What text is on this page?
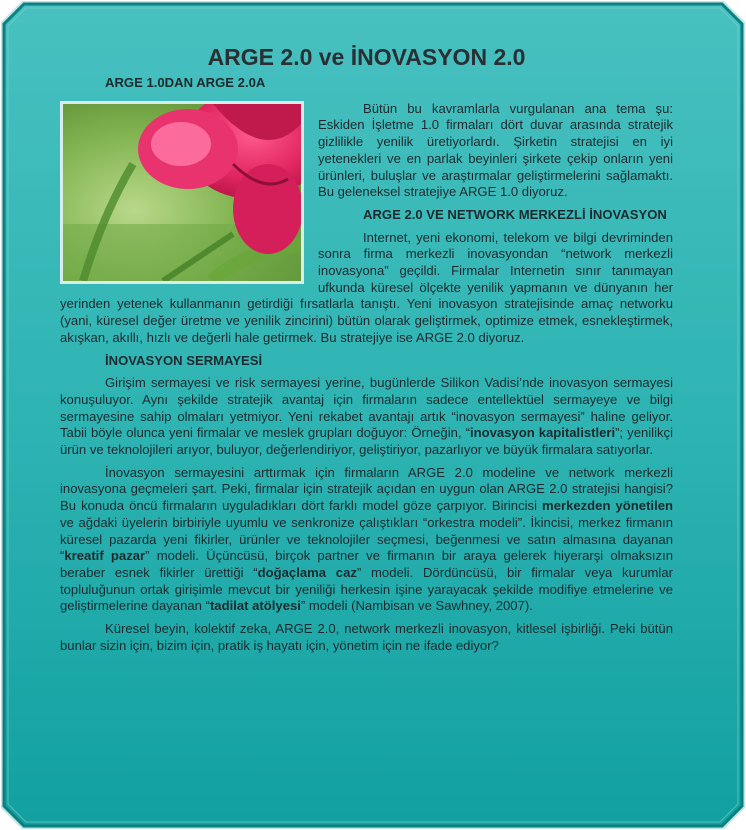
ARGE 2.0 ve İNOVASYON 2.0
ARGE 1.0DAN ARGE 2.0A

Bütün bu kavramlarla vurgulanan ana tema şu: Eskiden İşletme 1.0 firmaları dört duvar arasında stratejik gizlilikle yenilik üretiyorlardı. Şirketin stratejisi en iyi yetenekleri ve en parlak beyinleri şirkete çekip onların yeni ürünleri, buluşlar ve araştırmalar geliştirmelerini sağlamaktı. Bu geleneksel stratejiye ARGE 1.0 diyoruz.

ARGE 2.0 VE NETWORK MERKEZLİ İNOVASYON

Internet, yeni ekonomi, telekom ve bilgi devriminden sonra firma merkezli inovasyondan “network merkezli inovasyona” geçildi. Firmalar Internetin sınır tanımayan ufkunda küresel ölçekte yenilik yapmanın ve dünyanın her yerinden yetenek kullanmanın getirdiği fırsatlarla tanıştı. Yeni inovasyon stratejisinde amaç networku (yani, küresel değer üretme ve yenilik zincirini) bütün olarak geliştirmek, optimize etmek, esnekleştirmek, akışkan, akıllı, hızlı ve değerli hale getirmek. Bu stratejiye ise ARGE 2.0 diyoruz.

İNOVASYON SERMAYESİ

Girişim sermayesi ve risk sermayesi yerine, bugünlerde Silikon Vadisi’nde inovasyon sermayesi konuşuluyor. Aynı şekilde stratejik avantaj için firmaların sadece entellektüel sermayeye ve bilgi sermayesine sahip olmaları yetmiyor. Yeni rekabet avantajı artık “inovasyon sermayesi” haline geliyor. Tabii böyle olunca yeni firmalar ve meslek grupları doğuyor: Örneğin, “inovasyon kapitalistleri”; yenilikçi ürün ve teknolojileri arıyor, buluyor, değerlendiriyor, geliştiriyor, pazarlıyor ve büyük firmalara satıyorlar.

İnovasyon sermayesini arttırmak için firmaların ARGE 2.0 modeline ve network merkezli inovasyona geçmeleri şart. Peki, firmalar için stratejik açıdan en uygun olan ARGE 2.0 stratejisi hangisi? Bu konuda öncü firmaların uyguladıkları dört farklı model göze çarpıyor. Birincisi merkezden yönetilen ve ağdaki üyelerin birbiriyle uyumlu ve senkronize çalıştıkları “orkestra modeli”. İkincisi, merkez firmanın küresel pazarda yeni fikirler, ürünler ve teknolojiler seçmesi, beğenmesi ve satın almasına dayanan “kreatif pazar” modeli. Üçüncüsü, birçok partner ve firmanın bir araya gelerek hiyerarşi olmaksızın beraber esnek fikirler ürettiği “doğaçlama caz” modeli. Dördüncüsü, bir firmalar veya kurumlar topluluğunun ortak girişimle mevcut bir yeniliği herkesin işine yarayacak şekilde modifiye etmelerine ve geliştirmelerine dayanan “tadilat atölyesi” modeli (Nambisan ve Sawhney, 2007).

Küresel beyin, kolektif zeka, ARGE 2.0, network merkezli inovasyon, kitlesel işbirliği. Peki bütün bunlar sizin için, bizim için, pratik iş hayatı için, yönetim için ne ifade ediyor?
